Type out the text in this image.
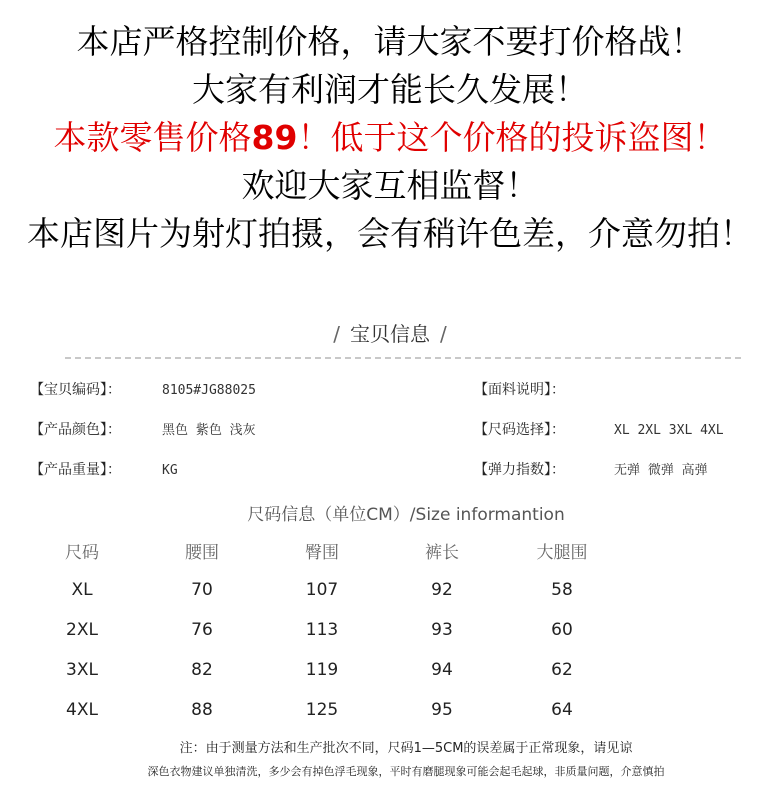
本店严格控制价格，请大家不要打价格战！
大家有利润才能长久发展！
本款零售价格89！低于这个价格的投诉盗图！
欢迎大家互相监督！
本店图片为射灯拍摄，会有稍许色差，介意勿拍！
/ 宝贝信息 /
【宝贝编码】：	8105#JG88025	【面料说明】：
【产品颜色】：	黑色 紫色 浅灰	【尺码选择】：	XL 2XL 3XL 4XL
【产品重量】：	KG	【弹力指数】：	无弹 微弹 高弹
尺码信息（单位CM）/Size informantion
尺码	腰围	臀围	裤长	大腿围
XL	70	107	92	58
2XL	76	113	93	60
3XL	82	119	94	62
4XL	88	125	95	64
注：由于测量方法和生产批次不同，尺码1—5CM的误差属于正常现象，请见谅
深色衣物建议单独清洗，多少会有掉色浮毛现象，平时有磨腿现象可能会起毛起球，非质量问题，介意慎拍
